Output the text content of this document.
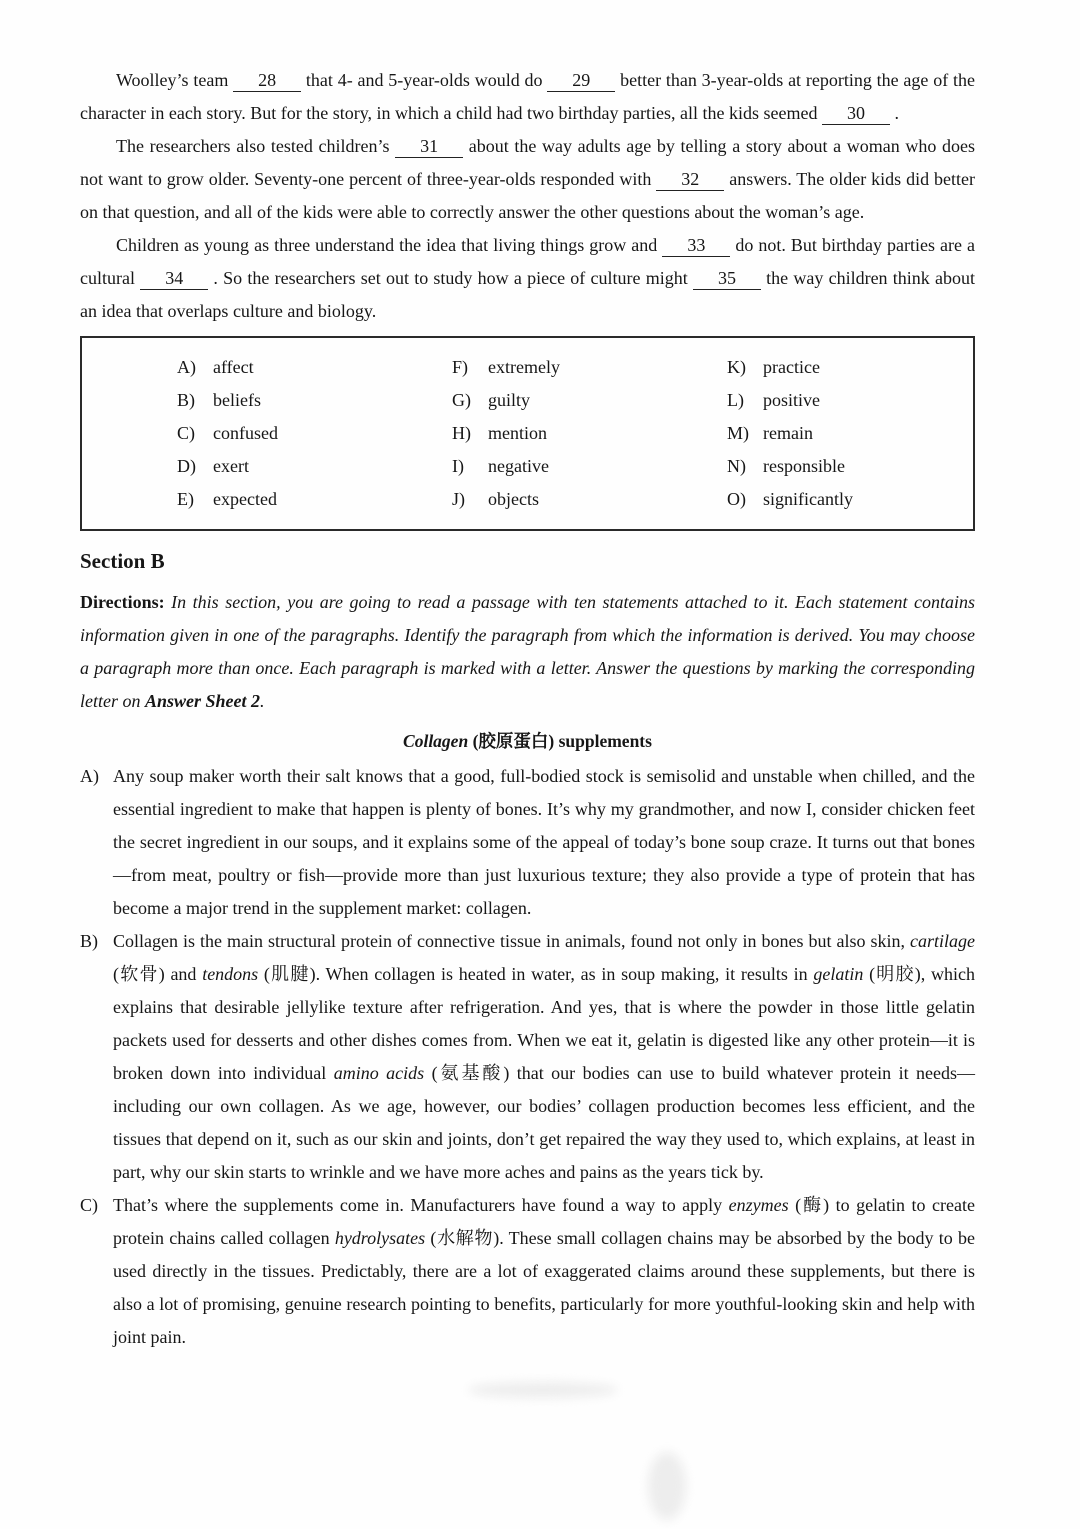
Woolley’s team 28 that 4- and 5-year-olds would do 29 better than 3-year-olds at reporting the age of the character in each story. But for the story, in which a child had two birthday parties, all the kids seemed 30 .

The researchers also tested children’s 31 about the way adults age by telling a story about a woman who does not want to grow older. Seventy-one percent of three-year-olds responded with 32 answers. The older kids did better on that question, and all of the kids were able to correctly answer the other questions about the woman’s age.

Children as young as three understand the idea that living things grow and 33 do not. But birthday parties are a cultural 34 . So the researchers set out to study how a piece of culture might 35 the way children think about an idea that overlaps culture and biology.

A) affect	F) extremely	K) practice
B) beliefs	G) guilty	L) positive
C) confused	H) mention	M) remain
D) exert	I) negative	N) responsible
E) expected	J) objects	O) significantly
Section B

Directions: In this section, you are going to read a passage with ten statements attached to it. Each statement contains information given in one of the paragraphs. Identify the paragraph from which the information is derived. You may choose a paragraph more than once. Each paragraph is marked with a letter. Answer the questions by marking the corresponding letter on Answer Sheet 2.

Collagen (胶原蛋白) supplements
A) Any soup maker worth their salt knows that a good, full-bodied stock is semisolid and unstable when chilled, and the essential ingredient to make that happen is plenty of bones. It’s why my grandmother, and now I, consider chicken feet the secret ingredient in our soups, and it explains some of the appeal of today’s bone soup craze. It turns out that bones—from meat, poultry or fish—provide more than just luxurious texture; they also provide a type of protein that has become a major trend in the supplement market: collagen.

B) Collagen is the main structural protein of connective tissue in animals, found not only in bones but also skin, cartilage (软骨) and tendons (肌腱). When collagen is heated in water, as in soup making, it results in gelatin (明胶), which explains that desirable jellylike texture after refrigeration. And yes, that is where the powder in those little gelatin packets used for desserts and other dishes comes from. When we eat it, gelatin is digested like any other protein—it is broken down into individual amino acids (氨基酸) that our bodies can use to build whatever protein it needs—including our own collagen. As we age, however, our bodies’ collagen production becomes less efficient, and the tissues that depend on it, such as our skin and joints, don’t get repaired the way they used to, which explains, at least in part, why our skin starts to wrinkle and we have more aches and pains as the years tick by.

C) That’s where the supplements come in. Manufacturers have found a way to apply enzymes (酶) to gelatin to create protein chains called collagen hydrolysates (水解物). These small collagen chains may be absorbed by the body to be used directly in the tissues. Predictably, there are a lot of exaggerated claims around these supplements, but there is also a lot of promising, genuine research pointing to benefits, particularly for more youthful-looking skin and help with joint pain.
